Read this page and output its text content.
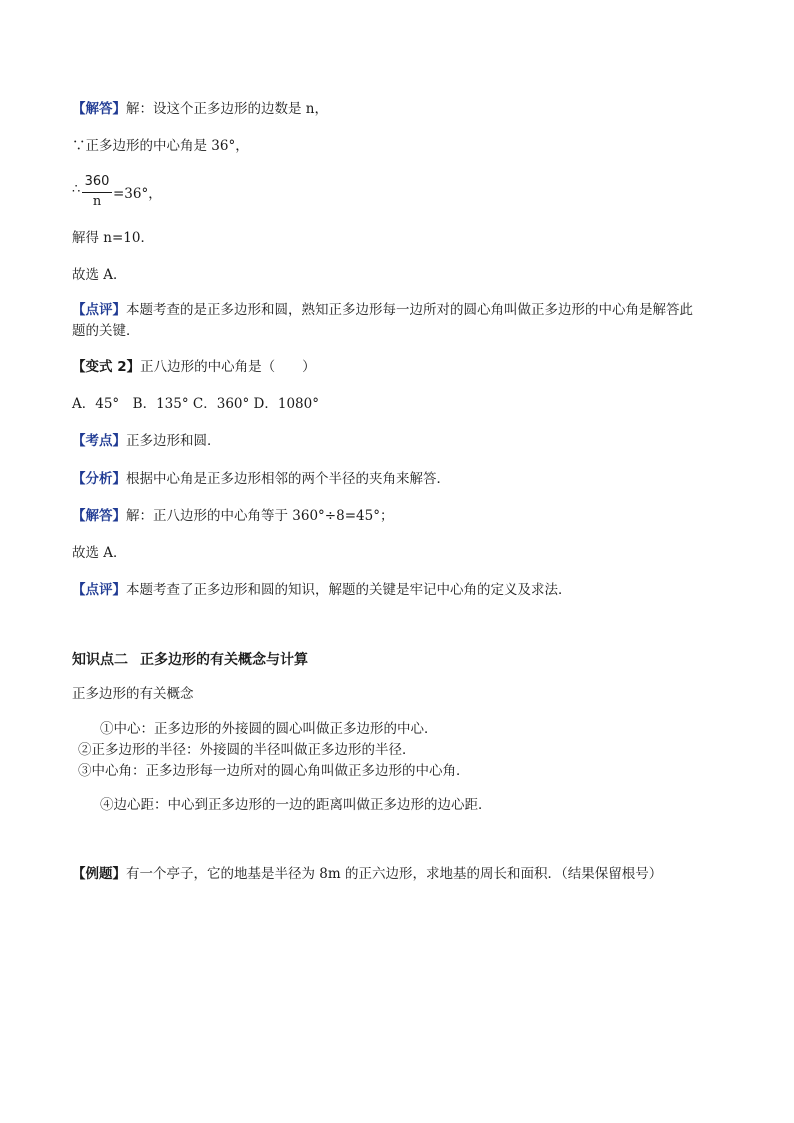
【解答】解：设这个正多边形的边数是 n，
∵正多边形的中心角是 36°，
∴
360
n =36°，
解得 n=10．
故选 A．
【点评】本题考查的是正多边形和圆，熟知正多边形每一边所对的圆心角叫做正多边形的中心角是解答此
题的关键．
【变式 2】正八边形的中心角是（　　）
A．45°　B．135° C．360° D．1080°
【考点】正多边形和圆．
【分析】根据中心角是正多边形相邻的两个半径的夹角来解答．
【解答】解：正八边形的中心角等于 360°÷8=45°；
故选 A．
【点评】本题考查了正多边形和圆的知识，解题的关键是牢记中心角的定义及求法．
知识点二 正多边形的有关概念与计算
正多边形的有关概念
①中心：正多边形的外接圆的圆心叫做正多边形的中心．
②正多边形的半径：外接圆的半径叫做正多边形的半径．
③中心角：正多边形每一边所对的圆心角叫做正多边形的中心角．
④边心距：中心到正多边形的一边的距离叫做正多边形的边心距．
【例题】有一个亭子，它的地基是半径为 8m 的正六边形，求地基的周长和面积．（结果保留根号）
